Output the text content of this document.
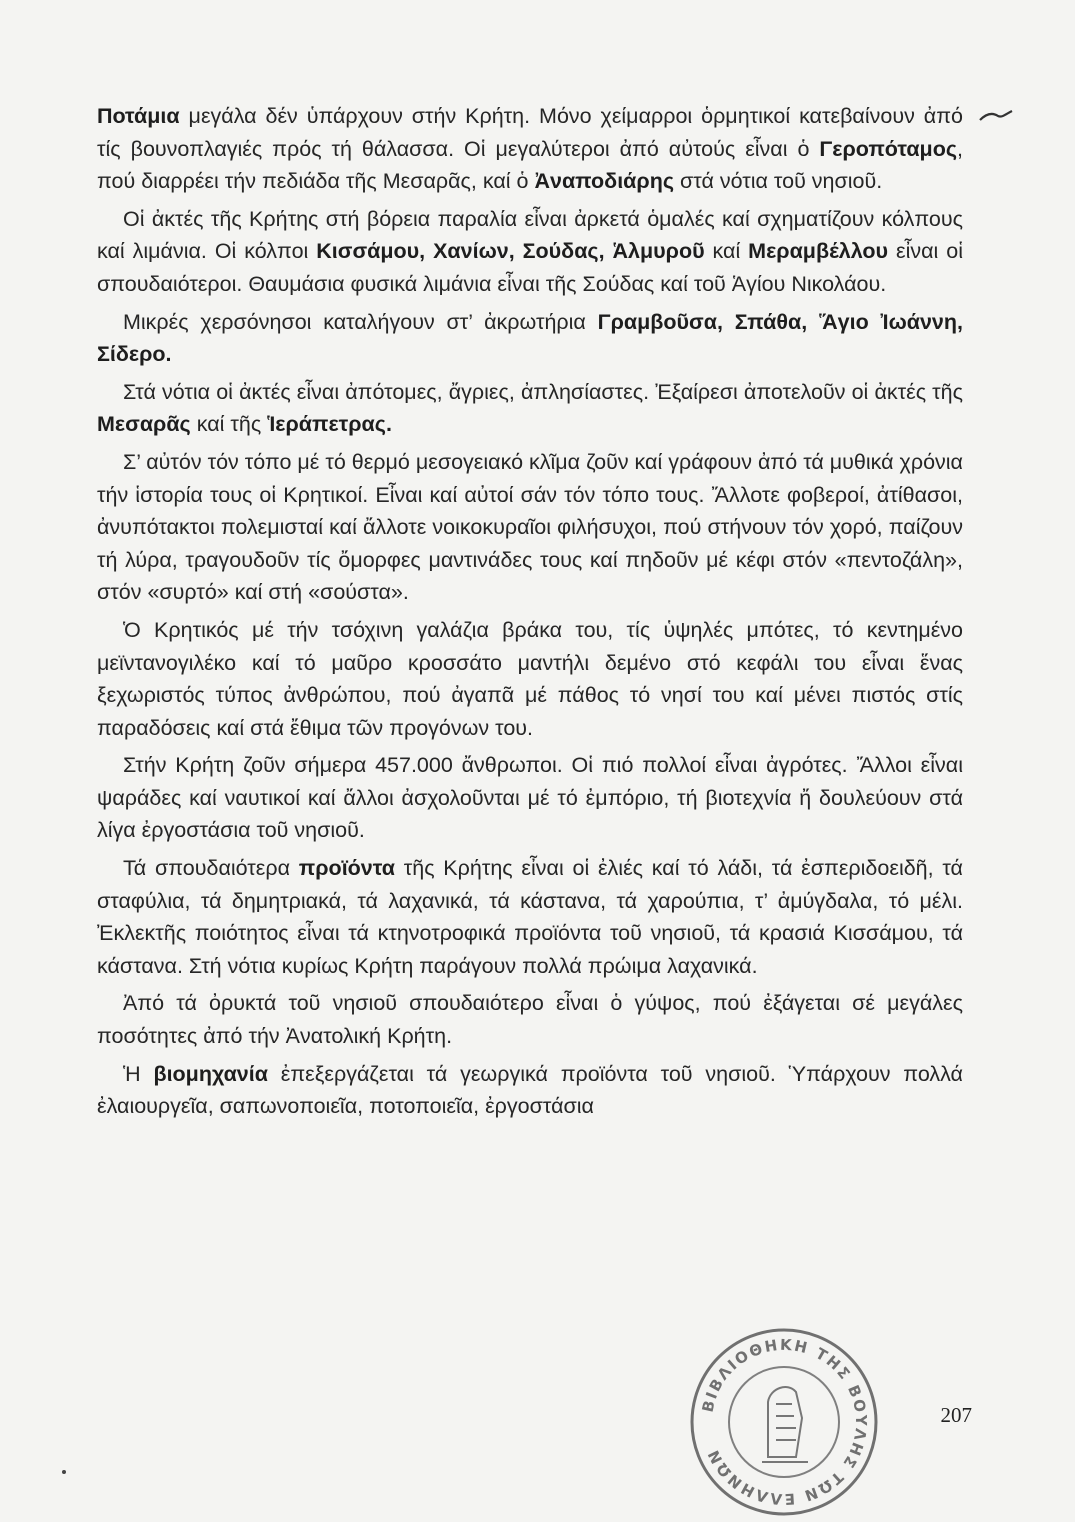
Ποτάμια μεγάλα δέν ὑπάρχουν στήν Κρήτη. Μόνο χείμαρροι ὁρμητικοί κατεβαίνουν ἀπό τίς βουνοπλαγιές πρός τή θάλασσα. Οἱ μεγαλύτεροι ἀπό αὐτούς εἶναι ὁ Γεροπόταμος, πού διαρρέει τήν πεδιάδα τῆς Μεσαρᾶς, καί ὁ Ἀναποδιάρης στά νότια τοῦ νησιοῦ.

Οἱ ἀκτές τῆς Κρήτης στή βόρεια παραλία εἶναι ἀρκετά ὁμαλές καί σχηματίζουν κόλπους καί λιμάνια. Οἱ κόλποι Κισσάμου, Χανίων, Σούδας, Ἁλμυροῦ καί Μεραμβέλλου εἶναι οἱ σπουδαιότεροι. Θαυμάσια φυσικά λιμάνια εἶναι τῆς Σούδας καί τοῦ Ἁγίου Νικολάου.

Μικρές χερσόνησοι καταλήγουν στ’ ἀκρωτήρια Γραμβοῦσα, Σπάθα, Ἅγιο Ἰωάννη, Σίδερο.

Στά νότια οἱ ἀκτές εἶναι ἀπότομες, ἄγριες, ἀπλησίαστες. Ἐξαίρεσι ἀποτελοῦν οἱ ἀκτές τῆς Μεσαρᾶς καί τῆς Ἱεράπετρας.

Σ’ αὐτόν τόν τόπο μέ τό θερμό μεσογειακό κλῖμα ζοῦν καί γράφουν ἀπό τά μυθικά χρόνια τήν ἱστορία τους οἱ Κρητικοί. Εἶναι καί αὐτοί σάν τόν τόπο τους. Ἄλλοτε φοβεροί, ἀτίθασοι, ἀνυπότακτοι πολεμισταί καί ἄλλοτε νοικοκυραῖοι φιλήσυχοι, πού στήνουν τόν χορό, παίζουν τή λύρα, τραγουδοῦν τίς ὄμορφες μαντινάδες τους καί πηδοῦν μέ κέφι στόν «πεντοζάλη», στόν «συρτό» καί στή «σούστα».

Ὁ Κρητικός μέ τήν τσόχινη γαλάζια βράκα του, τίς ὑψηλές μπότες, τό κεντημένο μεϊντανογιλέκο καί τό μαῦρο κροσσάτο μαντήλι δεμένο στό κεφάλι του εἶναι ἕνας ξεχωριστός τύπος ἀνθρώπου, πού ἀγαπᾶ μέ πάθος τό νησί του καί μένει πιστός στίς παραδόσεις καί στά ἔθιμα τῶν προγόνων του.

Στήν Κρήτη ζοῦν σήμερα 457.000 ἄνθρωποι. Οἱ πιό πολλοί εἶναι ἀγρότες. Ἄλλοι εἶναι ψαράδες καί ναυτικοί καί ἄλλοι ἀσχολοῦνται μέ τό ἐμπόριο, τή βιοτεχνία ἤ δουλεύουν στά λίγα ἐργοστάσια τοῦ νησιοῦ.

Τά σπουδαιότερα προϊόντα τῆς Κρήτης εἶναι οἱ ἐλιές καί τό λάδι, τά ἐσπεριδοειδῆ, τά σταφύλια, τά δημητριακά, τά λαχανικά, τά κάστανα, τά χαρούπια, τ’ ἀμύγδαλα, τό μέλι. Ἐκλεκτῆς ποιότητος εἶναι τά κτηνοτροφικά προϊόντα τοῦ νησιοῦ, τά κρασιά Κισσάμου, τά κάστανα. Στή νότια κυρίως Κρήτη παράγουν πολλά πρώιμα λαχανικά.

Ἀπό τά ὀρυκτά τοῦ νησιοῦ σπουδαιότερο εἶναι ὁ γύψος, πού ἐξάγεται σέ μεγάλες ποσότητες ἀπό τήν Ἀνατολική Κρήτη.

Ἡ βιομηχανία ἐπεξεργάζεται τά γεωργικά προϊόντα τοῦ νησιοῦ. Ὑπάρχουν πολλά ἐλαιουργεῖα, σαπωνοποιεῖα, ποτοποιεῖα, ἐργοστάσια

207
ΒΙΒΛΙΟΘΗΚΗ ΤΗΣ ΒΟΥΛΗΣ ΤΩΝ ΕΛΛΗΝΩΝ
